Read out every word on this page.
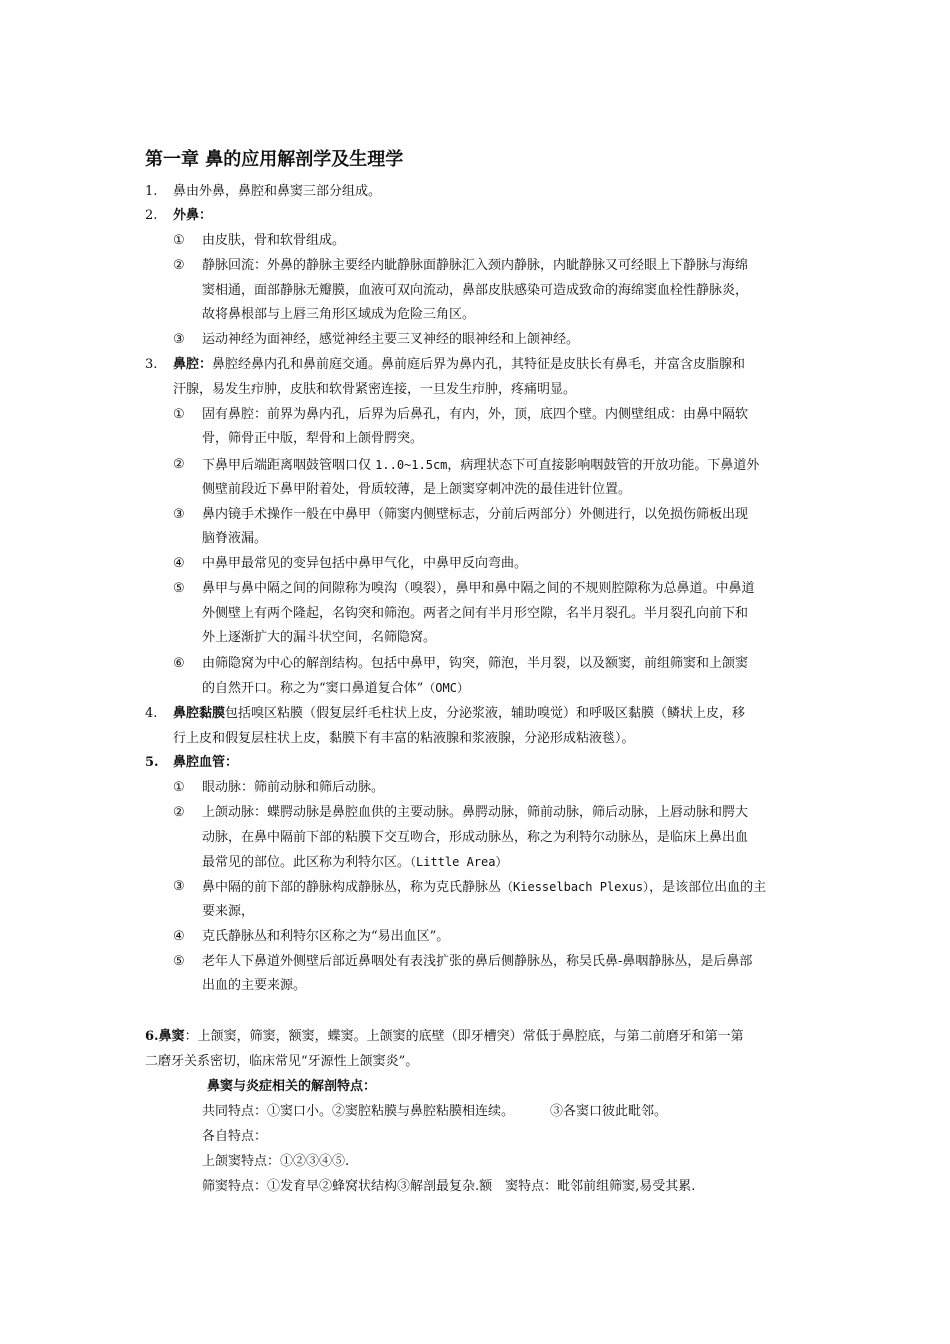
第一章 鼻的应用解剖学及生理学
1. 鼻由外鼻，鼻腔和鼻窦三部分组成。
2. 外鼻：
① 由皮肤，骨和软骨组成。
② 静脉回流：外鼻的静脉主要经内眦静脉面静脉汇入颈内静脉，内眦静脉又可经眼上下静脉与海绵
窦相通，面部静脉无瓣膜，血液可双向流动，鼻部皮肤感染可造成致命的海绵窦血栓性静脉炎，
故将鼻根部与上唇三角形区域成为危险三角区。
③ 运动神经为面神经，感觉神经主要三叉神经的眼神经和上颌神经。
3. 鼻腔：鼻腔经鼻内孔和鼻前庭交通。鼻前庭后界为鼻内孔，其特征是皮肤长有鼻毛，并富含皮脂腺和
汗腺，易发生疖肿，皮肤和软骨紧密连接，一旦发生疖肿，疼痛明显。
① 固有鼻腔：前界为鼻内孔，后界为后鼻孔，有内，外，顶，底四个壁。内侧壁组成：由鼻中隔软
骨，筛骨正中版，犁骨和上颌骨腭突。
② 下鼻甲后端距离咽鼓管咽口仅 1..0~1.5cm，病理状态下可直接影响咽鼓管的开放功能。下鼻道外
侧壁前段近下鼻甲附着处，骨质较薄，是上颌窦穿刺冲洗的最佳进针位置。
③ 鼻内镜手术操作一般在中鼻甲（筛窦内侧壁标志，分前后两部分）外侧进行，以免损伤筛板出现
脑脊液漏。
④ 中鼻甲最常见的变异包括中鼻甲气化，中鼻甲反向弯曲。
⑤ 鼻甲与鼻中隔之间的间隙称为嗅沟（嗅裂），鼻甲和鼻中隔之间的不规则腔隙称为总鼻道。中鼻道
外侧壁上有两个隆起，名钩突和筛泡。两者之间有半月形空隙，名半月裂孔。半月裂孔向前下和
外上逐渐扩大的漏斗状空间，名筛隐窝。
⑥ 由筛隐窝为中心的解剖结构。包括中鼻甲，钩突，筛泡，半月裂，以及额窦，前组筛窦和上颌窦
的自然开口。称之为“窦口鼻道复合体”（OMC）
4. 鼻腔黏膜包括嗅区粘膜（假复层纤毛柱状上皮，分泌浆液，辅助嗅觉）和呼吸区黏膜（鳞状上皮，移
行上皮和假复层柱状上皮，黏膜下有丰富的粘液腺和浆液腺，分泌形成粘液毯）。
5. 鼻腔血管：
① 眼动脉：筛前动脉和筛后动脉。
② 上颌动脉：蝶腭动脉是鼻腔血供的主要动脉。鼻腭动脉，筛前动脉，筛后动脉，上唇动脉和腭大
动脉，在鼻中隔前下部的粘膜下交互吻合，形成动脉丛，称之为利特尔动脉丛，是临床上鼻出血
最常见的部位。此区称为利特尔区。（Little Area）
③ 鼻中隔的前下部的静脉构成静脉丛，称为克氏静脉丛（Kiesselbach Plexus），是该部位出血的主
要来源，
④ 克氏静脉丛和利特尔区称之为“易出血区”。
⑤ 老年人下鼻道外侧壁后部近鼻咽处有表浅扩张的鼻后侧静脉丛，称吴氏鼻-鼻咽静脉丛，是后鼻部
出血的主要来源。
6.鼻窦：上颌窦，筛窦，额窦，蝶窦。上颌窦的底壁（即牙槽突）常低于鼻腔底，与第二前磨牙和第一第
二磨牙关系密切，临床常见“牙源性上颌窦炎”。
鼻窦与炎症相关的解剖特点：
共同特点：①窦口小。②窦腔粘膜与鼻腔粘膜相连续。	③各窦口彼此毗邻。
各自特点：
上颌窦特点：①②③④⑤.
筛窦特点：①发育早②蜂窝状结构③解剖最复杂.额　窦特点：毗邻前组筛窦,易受其累.
